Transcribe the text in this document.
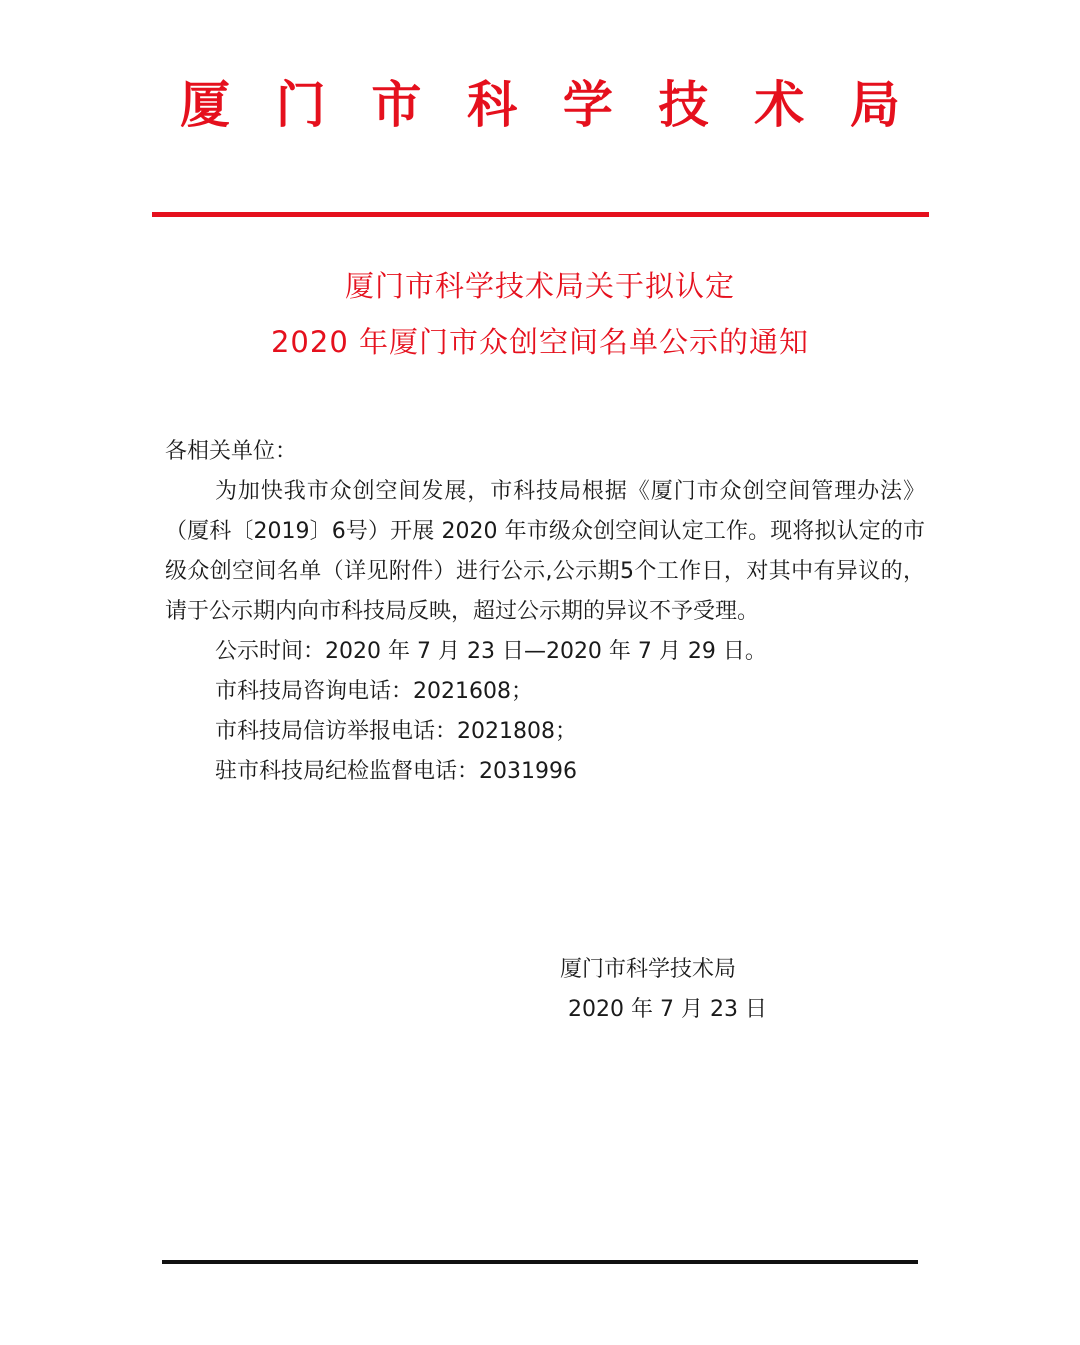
厦 门 市 科 学 技 术 局
厦门市科学技术局关于拟认定
2020 年厦门市众创空间名单公示的通知

各相关单位：

为加快我市众创空间发展，市科技局根据《厦门市众创空间管理办法》（厦科〔2019〕6号）开展 2020 年市级众创空间认定工作。现将拟认定的市级众创空间名单（详见附件）进行公示,公示期5个工作日，对其中有异议的，请于公示期内向市科技局反映，超过公示期的异议不予受理。

公示时间：2020 年 7 月 23 日—2020 年 7 月 29 日。

市科技局咨询电话：2021608；

市科技局信访举报电话：2021808；

驻市科技局纪检监督电话：2031996

厦门市科学技术局
2020 年 7 月 23 日
